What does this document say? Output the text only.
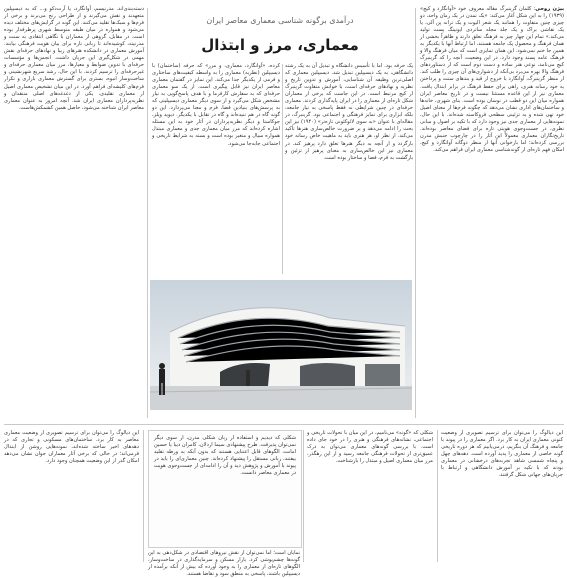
درآمدی برگونه شناسی معماری معاصر ایران
معماری، مرز و ابتذال

بیژن روحی: کلمان گرینبرگ مقاله معروف خود «آوانگارد و کیچ» (۱۹۳۹) را به این شکل آغاز می‌کند: «یک تمدن در یک زمان واحد، دو چیزی چنین متفاوت را همانند یک شعر الیوت و یک ترانه پن آلی، یا یک نقاشی براک و یک جلد مجله ساتردی ایونینگ پست تولید می‌کند.» تمام این چهار چیز به فرهنگ تعلق دارند و ظاهراً بخشی از همان فرهنگ و محصول یک جامعه هستند، اما ارتباط آنها با یکدیگر به همین جا ختم نمی‌شود. این همان تمایزی است که میان فرهنگ والا و فرهنگ عامه پسند وجود دارد. در این وضعیت، آنچه را که گرینبرگ کیچ می‌نامد، نوعی هنر ساده و دست دوم است که از دستاوردهای فرهنگ والا بهره می‌برد بی‌آنکه از دشواری‌های آن چیزی را طلب کند. از منظر گرینبرگ، آوانگارد با خروج از قید و بندهای سنت و پرداختن به خود رسانه هنری، راهی برای حفظ فرهنگ در برابر ابتذال یافت. معماری نیز از این قاعده مستثنا نیست و در تاریخ معاصر ایران همواره میان این دو قطب در نوسان بوده است. بنای شهری، خانه‌ها و ساختمان‌های اداری نشان می‌دهد که چگونه فرم‌ها از معنای اصیل خود تهی شده و به تزئینی سطحی فروکاسته شده‌اند. با این حال، نمونه‌هایی از معماری جدی نیز وجود دارد که با تکیه بر اصول و مبانی نظری، در جست‌وجوی هویتی تازه برای فضای معاصر بوده‌اند. تاریخ‌نگاران معماری معمولاً این آثار را در چارچوب جنبش مدرن بررسی کرده‌اند؛ اما بازخوانی آنها از منظر دوگانه آوانگارد و کیچ، امکان فهم تازه‌ای از گونه‌شناسی معماری ایران فراهم می‌کند.

یک حرفه بود. اما با تأسیس دانشگاه و تبدیل آن به یک رشته دانشگاهی، به یک دیسیپلین تبدیل شد. دیسیپلین معماری که اصلی‌ترین وظیفه آن شناسایی، آموزش و تدوین تاریخ و نظریه و نهادهای حرفه‌ای است، با خوانش متفاوت گرینبرگ از کیچ مرتبط است. در این جاست که برخی از معماران شکل تازه‌ای از معماری را در ایران پایه‌گذاری کردند. معماری حرفه‌ای در چنین شرایطی نه فقط پاسخی به نیاز جامعه، بلکه ابزاری برای تمایز فرهنگی و اجتماعی بود. گرینبرگ، در مقاله‌ای با عنوان «به سوی لائوکئونی تازه‌تر» (۱۹۴۰) نیز این بحث را ادامه می‌دهد و بر ضرورت خالص‌سازی هنرها تأکید می‌کند. از نظر او، هر هنری باید به ماهیت خاص رسانه خود بازگردد و از آنچه به دیگر هنرها تعلق دارد پرهیز کند. در معماری نیز این خالص‌سازی به معنای پرهیز از تزئین و بازگشت به فرم، فضا و ساختار بوده است.

کرده، «آوانگارد، معماری، و مرز» که حرفه (ساختمان) با دیسیپلین (نظریه) معماری را به واسطه کیفیت‌های ساختاری و فرمی از یکدیگر جدا می‌کند. این تمایز در گفتمان معماری معاصر ایران نیز قابل پیگیری است. از یک سو معماری حرفه‌ای که به سفارش کارفرما و با هدف پاسخ‌گویی به نیاز مشخص شکل می‌گیرد و از سوی دیگر معماری دیسیپلینی که به پرسش‌های بنیادین فضا، فرم و معنا می‌پردازد. این دو گونه گاه در هم تنیده‌اند و گاه در تقابل با یکدیگر. دیوید ویلز، جوکاستا و دیگر نظریه‌پردازان در آثار خود به این مسئله اشاره کرده‌اند که مرز میان معماری جدی و معماری مبتذل همواره سیال و متغیر بوده است و بسته به شرایط تاریخی و اجتماعی جابه‌جا می‌شود.

دسته‌بندی‌اند. مدرنیسم، آوانگارد، یا آرت‌دکو و... که به دیسیپلین متعهدند و نقش می‌گیرند و از طراحی رنج می‌برند و برخی از فرم‌ها و سبک‌ها تقلید می‌کنند. این گونه در گرایش‌های مختلف دیده می‌شود و همواره در میان طبقه متوسط شهری پرطرفدار بوده است. در مقابل، گروهی از معماران با نگاهی انتقادی به سنت و مدرنیته، کوشیده‌اند تا زبانی تازه برای بیان هویت فرهنگی بیابند. آموزش معماری در دانشکده هنرهای زیبا و نهادهای حرفه‌ای نقش مهمی در شکل‌گیری این جریان داشت. انجمن‌ها و مؤسسات حرفه‌ای با تدوین ضوابط و معیارها، مرز میان معماری حرفه‌ای و غیرحرفه‌ای را ترسیم کردند. با این حال، رشد سریع شهرنشینی و ساخت‌وساز انبوه، بستری برای گسترش معماری بازاری و تکرار فرم‌های کلیشه‌ای فراهم آورد. در این میان تشخیص معماری اصیل از معماری تقلیدی، یکی از دغدغه‌های اصلی منتقدان و نظریه‌پردازان معماری ایران شد. آنچه امروز به عنوان معماری معاصر ایران شناخته می‌شود، حاصل همین کشمکش‌هاست.

این دیالوگ را می‌توان برای ترسیم تصویری از وضعیت کنونی معماری ایران به کار برد. اگر معماری را در پیوند با جامعه و فرهنگ آن بنگریم، درمی‌یابیم که هر دوره تاریخی گونه خاصی از معماری را پدید آورده است. دهه‌های چهل و پنجاه شمسی شاهد تجربه‌های درخشانی در معماری بودند که با تکیه بر آموزش دانشگاهی و ارتباط با جریان‌های جهانی شکل گرفتند.

شکلی که «گونه» می‌نامیم، در این میان با تحولات تاریخی و اجتماعی، نشانه‌های فرهنگی و هنری را در خود جای داده است. با بررسی گونه‌های معماری می‌توان به درک عمیق‌تری از تحولات فرهنگی جامعه رسید و از این رهگذر، مرز میان معماری اصیل و مبتذل را بازشناخت.

شکلی که دیدیم و استفاده از زبان شکلی مدرن، از سوی دیگر نمی‌توان پذیرفت. طرح پیشنهادی سیما اردلان، کامران دیبا یا حسین امانت، الگوهای قابل اعتنایی هستند که بدون آنکه به ورطه تقلید بیفتند، زبانی مستقل را پیشنهاد کرده‌اند. چنین معماری‌ای را باید در پیوند با آموزش و پژوهش دید و آن را ادامه‌ای از جست‌وجوی هویت در معماری معاصر دانست.

نمایان است؛ اما نمی‌توان از نقش نیروهای اقتصادی در شکل‌دهی به این گونه‌ها چشم‌پوشی کرد. بازار مسکن و سرمایه‌گذاری در ساخت‌وساز، الگوهای تازه‌ای از معماری را به وجود آورده که بیش از آنکه برآمده از دیسیپلین باشند، پاسخی به منطق سود و تقاضا هستند.

این دیالوگ را می‌توان برای ترسیم تصویری از وضعیت معماری معاصر به کار برد. ساختمان‌های مسکونی و تجاری که در دهه‌های اخیر ساخته شده‌اند، نمونه‌هایی روشن از ابتذال فرمی‌اند؛ در حالی که برخی آثار معماران جوان نشان می‌دهد امکان گذر از این وضعیت همچنان وجود دارد.
